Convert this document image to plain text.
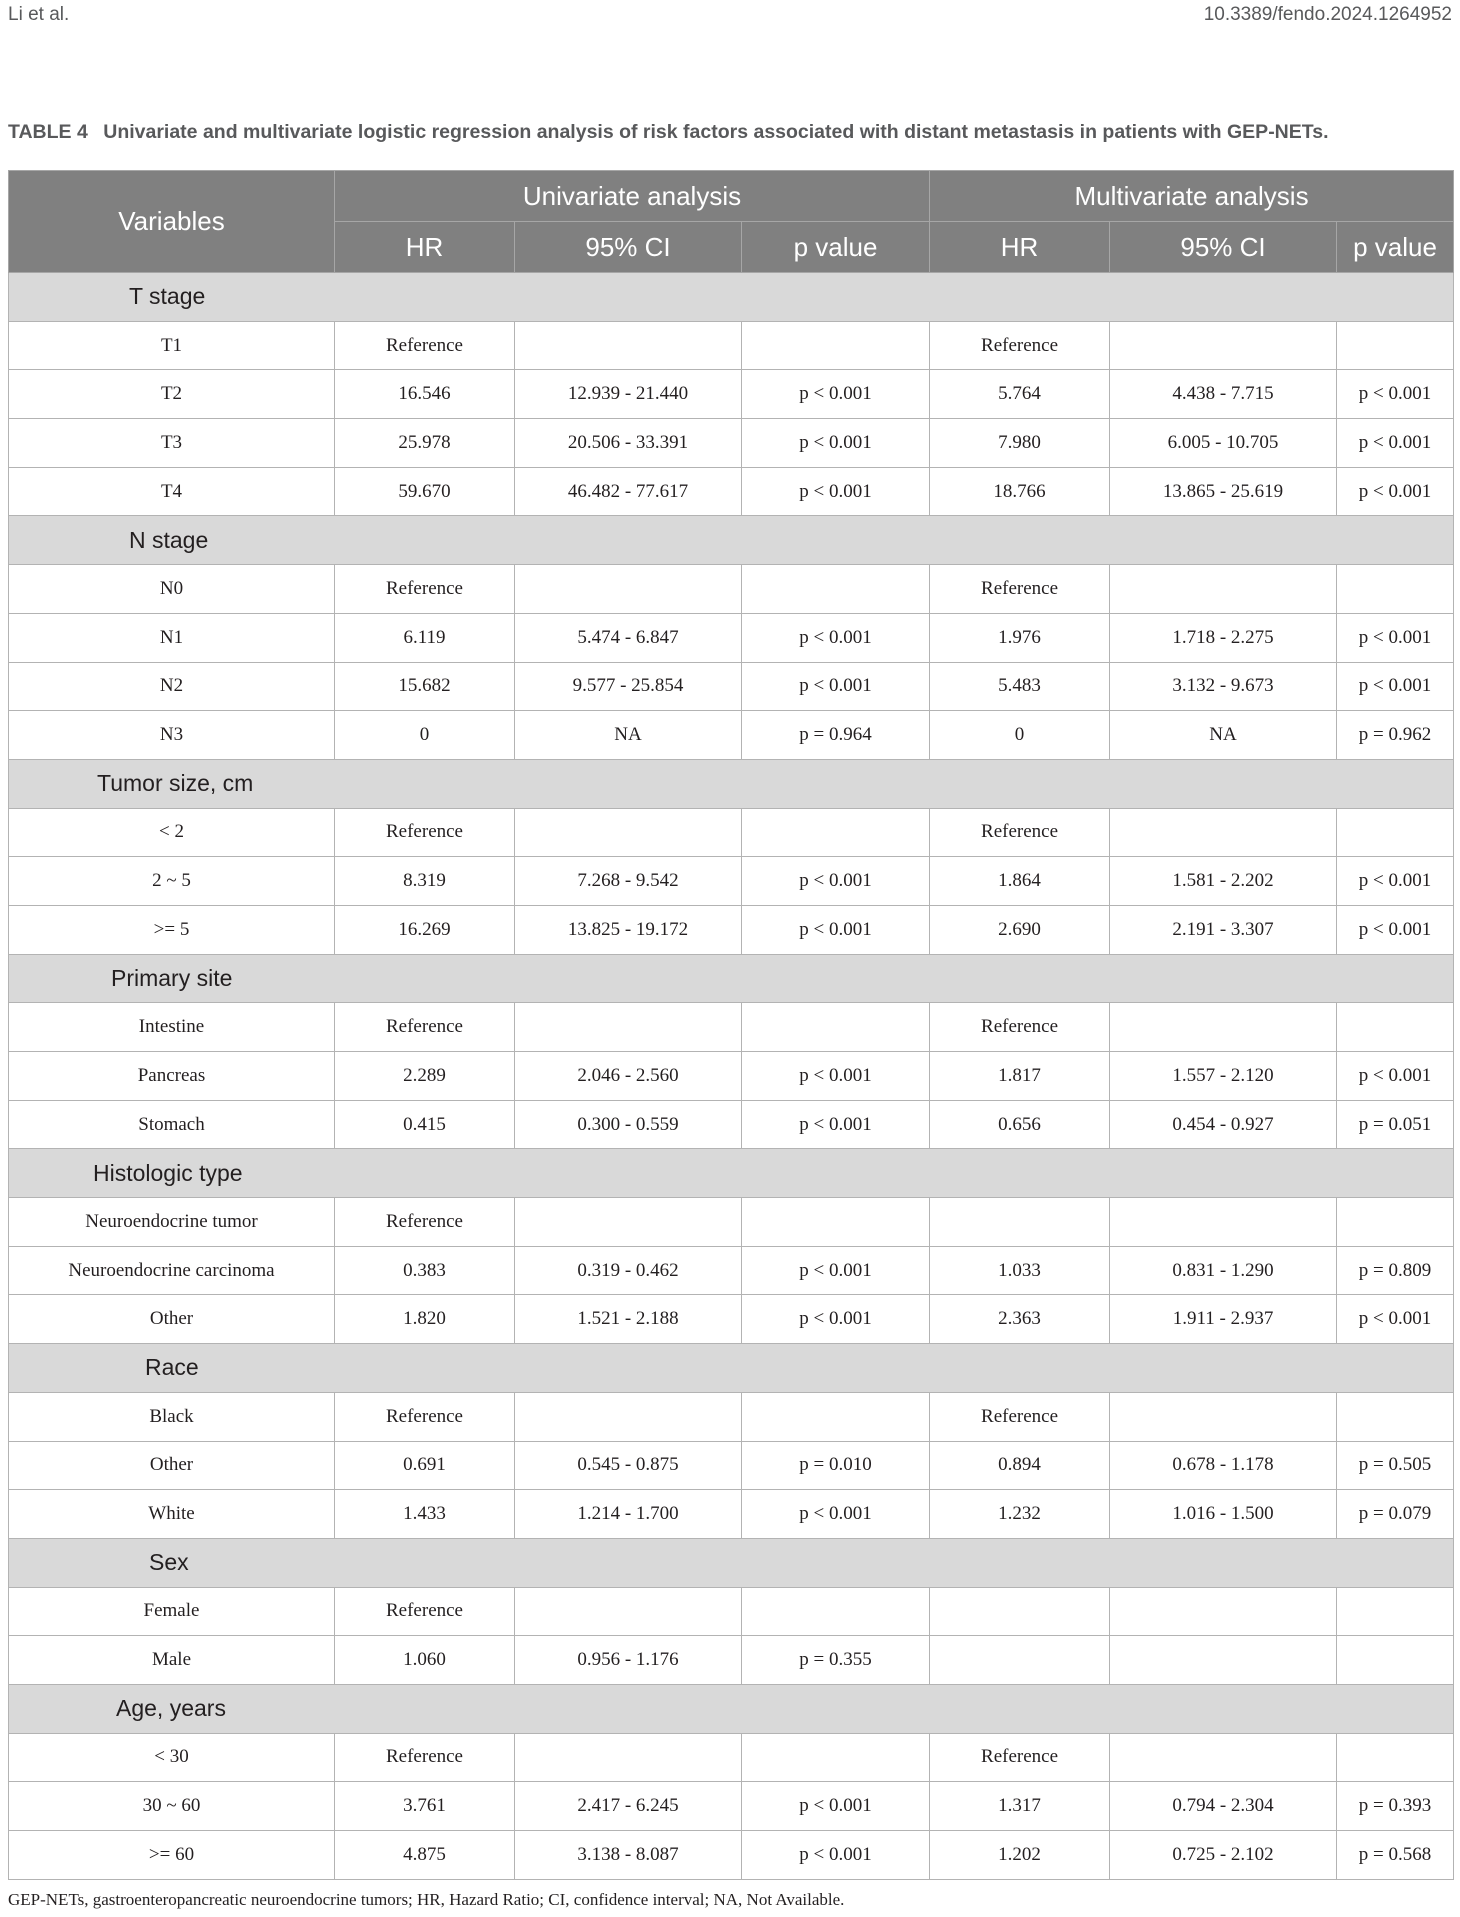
Li et al.	10.3389/fendo.2024.1264952
TABLE 4 Univariate and multivariate logistic regression analysis of risk factors associated with distant metastasis in patients with GEP-NETs.
Variables	Univariate analysis			Multivariate analysis		
	HR	95% CI	p value	HR	95% CI	p value
T stage						
T1	Reference			Reference		
T2	16.546	12.939 - 21.440	p < 0.001	5.764	4.438 - 7.715	p < 0.001
T3	25.978	20.506 - 33.391	p < 0.001	7.980	6.005 - 10.705	p < 0.001
T4	59.670	46.482 - 77.617	p < 0.001	18.766	13.865 - 25.619	p < 0.001
N stage						
N0	Reference			Reference		
N1	6.119	5.474 - 6.847	p < 0.001	1.976	1.718 - 2.275	p < 0.001
N2	15.682	9.577 - 25.854	p < 0.001	5.483	3.132 - 9.673	p < 0.001
N3	0	NA	p = 0.964	0	NA	p = 0.962
Tumor size, cm						
< 2	Reference			Reference		
2 ~ 5	8.319	7.268 - 9.542	p < 0.001	1.864	1.581 - 2.202	p < 0.001
>= 5	16.269	13.825 - 19.172	p < 0.001	2.690	2.191 - 3.307	p < 0.001
Primary site						
Intestine	Reference			Reference		
Pancreas	2.289	2.046 - 2.560	p < 0.001	1.817	1.557 - 2.120	p < 0.001
Stomach	0.415	0.300 - 0.559	p < 0.001	0.656	0.454 - 0.927	p = 0.051
Histologic type						
Neuroendocrine tumor	Reference					
Neuroendocrine carcinoma	0.383	0.319 - 0.462	p < 0.001	1.033	0.831 - 1.290	p = 0.809
Other	1.820	1.521 - 2.188	p < 0.001	2.363	1.911 - 2.937	p < 0.001
Race						
Black	Reference			Reference		
Other	0.691	0.545 - 0.875	p = 0.010	0.894	0.678 - 1.178	p = 0.505
White	1.433	1.214 - 1.700	p < 0.001	1.232	1.016 - 1.500	p = 0.079
Sex						
Female	Reference					
Male	1.060	0.956 - 1.176	p = 0.355			
Age, years						
< 30	Reference			Reference		
30 ~ 60	3.761	2.417 - 6.245	p < 0.001	1.317	0.794 - 2.304	p = 0.393
>= 60	4.875	3.138 - 8.087	p < 0.001	1.202	0.725 - 2.102	p = 0.568
GEP-NETs, gastroenteropancreatic neuroendocrine tumors; HR, Hazard Ratio; CI, confidence interval; NA, Not Available.
